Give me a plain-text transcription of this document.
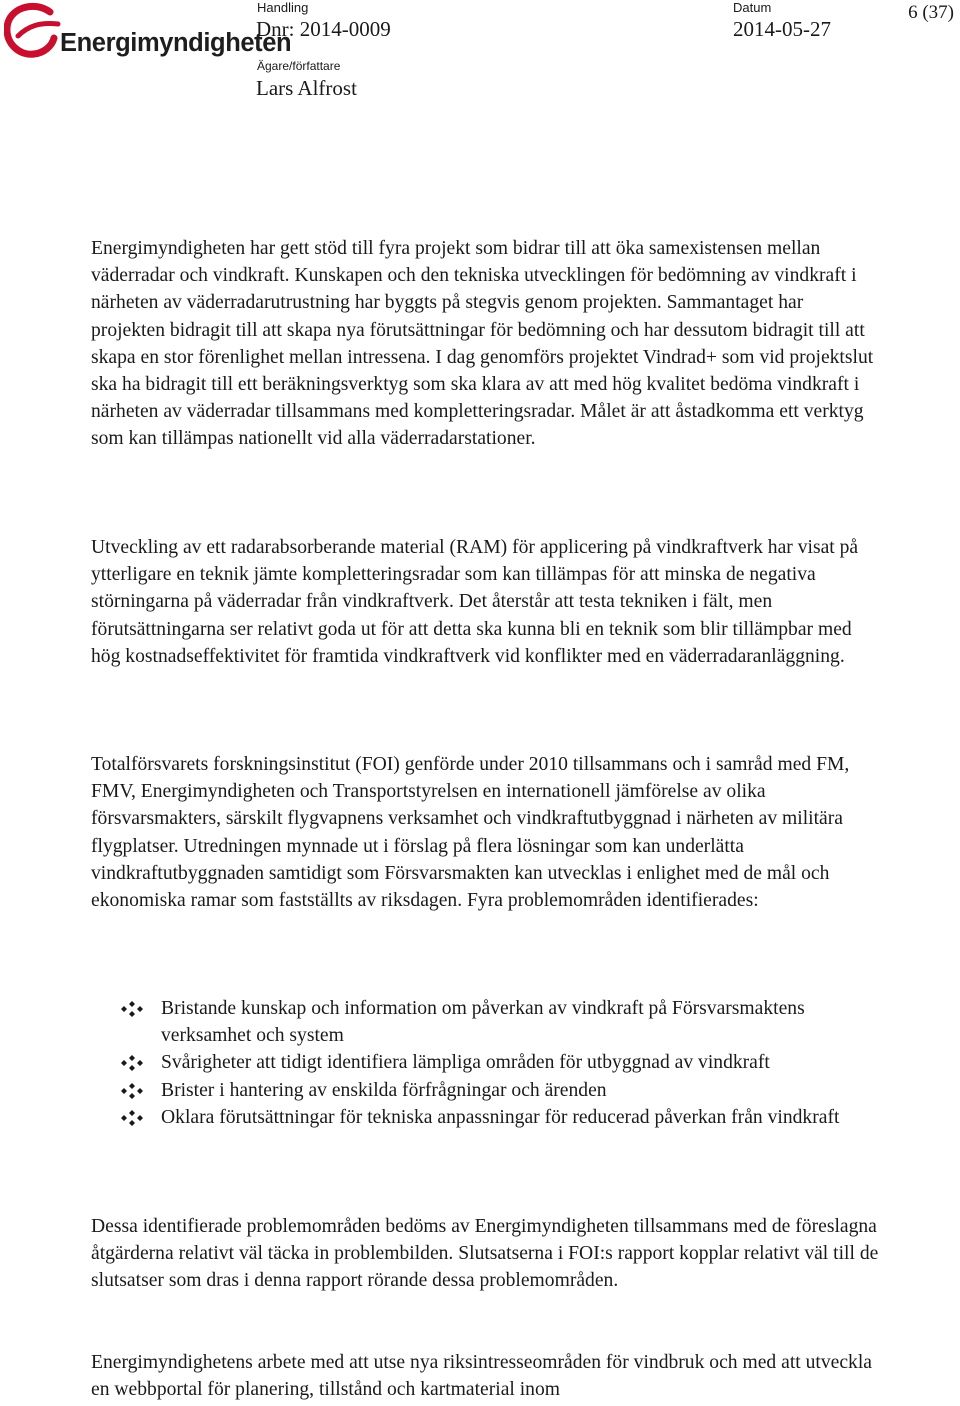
Energimyndigheten
Handling
Dnr: 2014-0009
Datum
2014-05-27
Ägare/författare
Lars Alfrost
6 (37)

Energimyndigheten har gett stöd till fyra projekt som bidrar till att öka samexistensen mellan väderradar och vindkraft. Kunskapen och den tekniska utvecklingen för bedömning av vindkraft i närheten av väderradarutrustning har byggts på stegvis genom projekten. Sammantaget har projekten bidragit till att skapa nya förutsättningar för bedömning och har dessutom bidragit till att skapa en stor förenlighet mellan intressena. I dag genomförs projektet Vindrad+ som vid projektslut ska ha bidragit till ett beräkningsverktyg som ska klara av att med hög kvalitet bedöma vindkraft i närheten av väderradar tillsammans med kompletteringsradar. Målet är att åstadkomma ett verktyg som kan tillämpas nationellt vid alla väderradarstationer.

Utveckling av ett radarabsorberande material (RAM) för applicering på vindkraftverk har visat på ytterligare en teknik jämte kompletteringsradar som kan tillämpas för att minska de negativa störningarna på väderradar från vindkraftverk. Det återstår att testa tekniken i fält, men förutsättningarna ser relativt goda ut för att detta ska kunna bli en teknik som blir tillämpbar med hög kostnadseffektivitet för framtida vindkraftverk vid konflikter med en väderradaranläggning.

Totalförsvarets forskningsinstitut (FOI) genförde under 2010 tillsammans och i samråd med FM, FMV, Energimyndigheten och Transportstyrelsen en internationell jämförelse av olika försvarsmakters, särskilt flygvapnens verksamhet och vindkraftutbyggnad i närheten av militära flygplatser. Utredningen mynnade ut i förslag på flera lösningar som kan underlätta vindkraftutbyggnaden samtidigt som Försvarsmakten kan utvecklas i enlighet med de mål och ekonomiska ramar som fastställts av riksdagen. Fyra problemområden identifierades:

Bristande kunskap och information om påverkan av vindkraft på Försvarsmaktens verksamhet och system
Svårigheter att tidigt identifiera lämpliga områden för utbyggnad av vindkraft
Brister i hantering av enskilda förfrågningar och ärenden
Oklara förutsättningar för tekniska anpassningar för reducerad påverkan från vindkraft

Dessa identifierade problemområden bedöms av Energimyndigheten tillsammans med de föreslagna åtgärderna relativt väl täcka in problembilden. Slutsatserna i FOI:s rapport kopplar relativt väl till de slutsatser som dras i denna rapport rörande dessa problemområden.

Energimyndighetens arbete med att utse nya riksintresseområden för vindbruk och med att utveckla en webbportal för planering, tillstånd och kartmaterial inom
